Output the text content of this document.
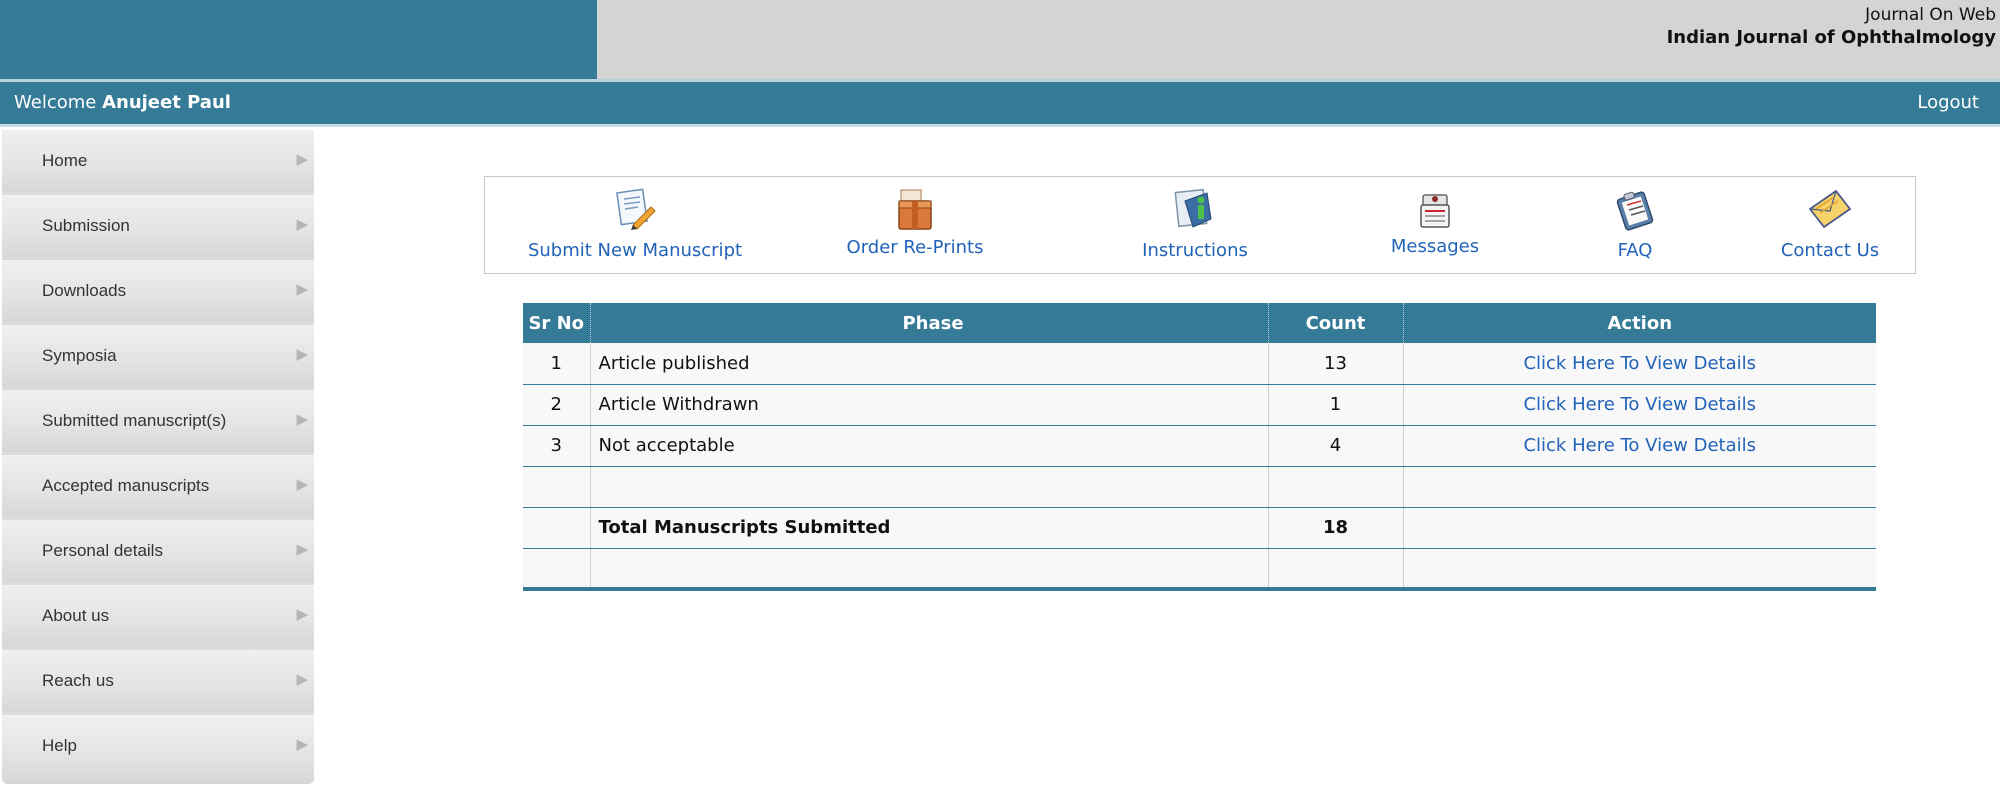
Journal On Web
Indian Journal of Ophthalmology
Welcome Anujeet Paul	Logout
Home	▶
Submission	▶
Downloads	▶
Symposia	▶
Submitted manuscript(s)	▶
Accepted manuscripts	▶
Personal details	▶
About us	▶
Reach us	▶
Help	▶
Submit New Manuscript	Order Re-Prints	Instructions	Messages	FAQ	Contact Us
Sr No	Phase	Count	Action
1	Article published	13	Click Here To View Details
2	Article Withdrawn	1	Click Here To View Details
3	Not acceptable	4	Click Here To View Details

	Total Manuscripts Submitted	18	
